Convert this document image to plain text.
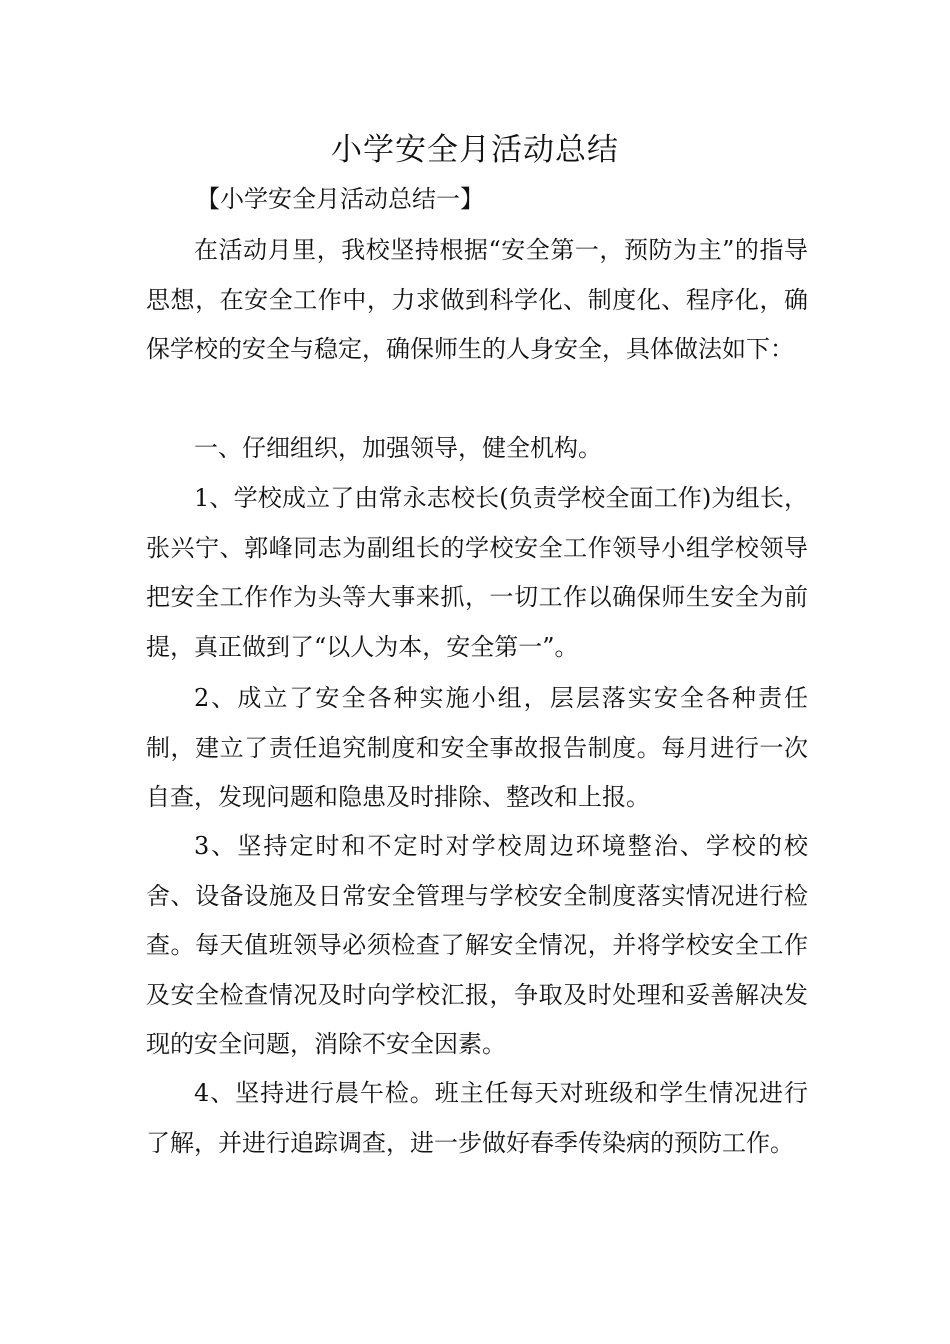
小学安全月活动总结
【小学安全月活动总结一】

在活动月里，我校坚持根据“安全第一，预防为主”的指导思想，在安全工作中，力求做到科学化、制度化、程序化，确保学校的安全与稳定，确保师生的人身安全，具体做法如下：

一、仔细组织，加强领导，健全机构。

1、学校成立了由常永志校长(负责学校全面工作)为组长，张兴宁、郭峰同志为副组长的学校安全工作领导小组学校领导把安全工作作为头等大事来抓，一切工作以确保师生安全为前提，真正做到了“以人为本，安全第一”。

2、成立了安全各种实施小组，层层落实安全各种责任制，建立了责任追究制度和安全事故报告制度。每月进行一次自查，发现问题和隐患及时排除、整改和上报。

3、坚持定时和不定时对学校周边环境整治、学校的校舍、设备设施及日常安全管理与学校安全制度落实情况进行检查。每天值班领导必须检查了解安全情况，并将学校安全工作及安全检查情况及时向学校汇报，争取及时处理和妥善解决发现的安全问题，消除不安全因素。

4、坚持进行晨午检。班主任每天对班级和学生情况进行了解，并进行追踪调查，进一步做好春季传染病的预防工作。
